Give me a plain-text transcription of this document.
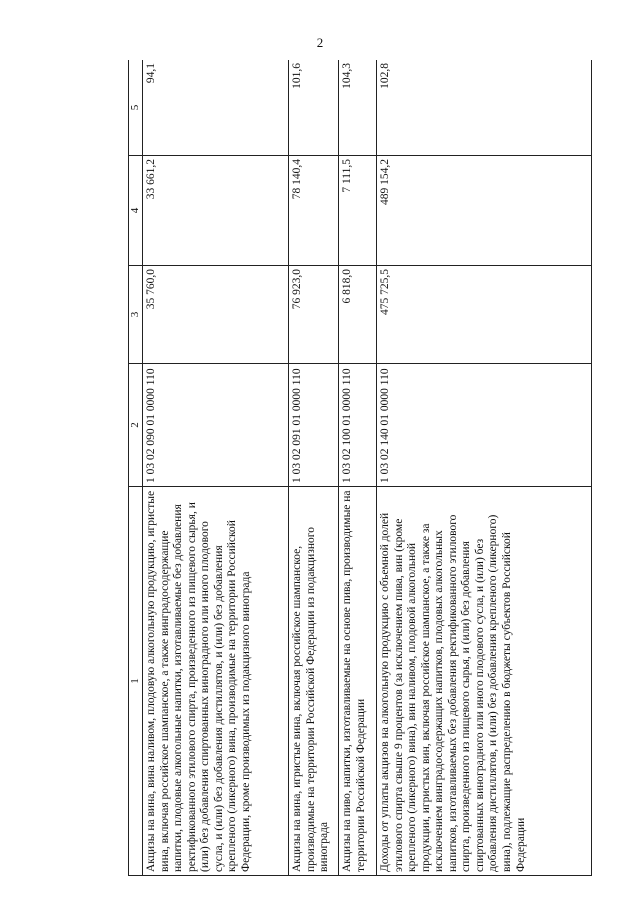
2
1	2	3	4	5
Акцизы на вина, вина наливом, плодовую алкогольную продукцию, игристые вина, включая российское шампанское, а также винградосодержащие напитки, плодовые алкогольные напитки, изготавливаемые без добавления ректификованного этилового спирта, произведенного из пищевого сырья, и (или) без добавления спиртованных виноградного или иного плодового сусла, и (или) без добавления дистиллятов, и (или) без добавления крепленого (ликерного) вина, производимые на территории Российской Федерации, кроме производимых из подакцизного винограда	1 03 02 090 01 0000 110	35 760,0	33 661,2	94,1
Акцизы на вина, игристые вина, включая российское шампанское, производимые на территории Российской Федерации из подакцизного винограда	1 03 02 091 01 0000 110	76 923,0	78 140,4	101,6
Акцизы на пиво, напитки, изготавливаемые на основе пива, производимые на территории Российской Федерации	1 03 02 100 01 0000 110	6 818,0	7 111,5	104,3
Доходы от уплаты акцизов на алкогольную продукцию с объемной долей этилового спирта свыше 9 процентов (за исключением пива, вин (кроме крепленого (ликерного) вина), вин наливом, плодовой алкогольной продукции, игристых вин, включая российское шампанское, а также за исключением винградосодержащих напитков, плодовых алкогольных напитков, изготавливаемых без добавления ректификованного этилового спирта, произведенного из пищевого сырья, и (или) без добавления спиртованных виноградного или иного плодового сусла, и (или) без добавления дистиллятов, и (или) без добавления крепленого (ликерного) вина), подлежащие распределению в бюджеты субъектов Российской Федерации	1 03 02 140 01 0000 110	475 725,5	489 154,2	102,8
